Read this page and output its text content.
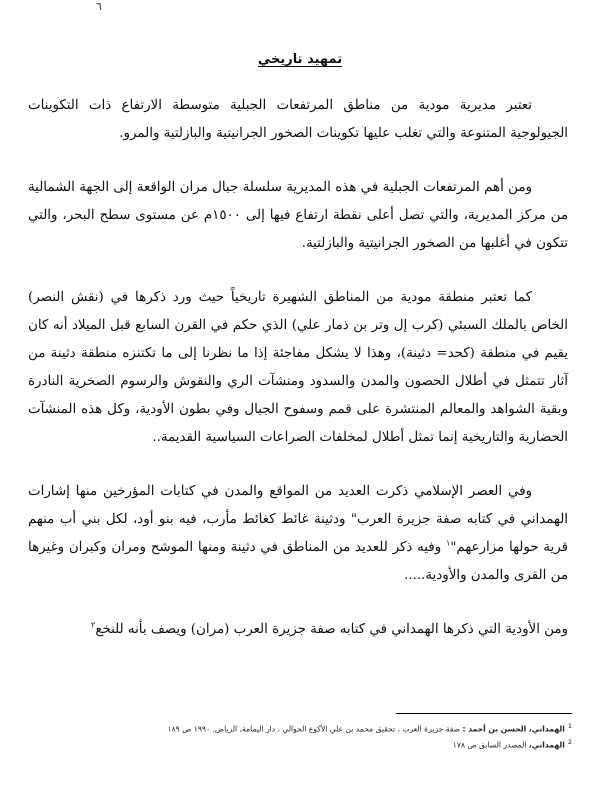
٦
تمهيد تاريخي

تعتبر مديرية مودية من مناطق المرتفعات الجبلية متوسطة الارتفاع ذات التكوينات الجيولوجية المتنوعة والتي تغلب عليها تكوينات الصخور الجرانيتية والبازلتية والمرو.

ومن أهم المرتفعات الجبلية في هذه المديرية سلسلة جبال مران الواقعة إلى الجهة الشمالية من مركز المديرية، والتي تصل أعلى نقطة ارتفاع فيها إلى ١٥٠٠م عن مستوى سطح البحر، والتي تتكون في أغلبها من الصخور الجرانيتية والبازلتية.

كما تعتبر منطقة مودية من المناطق الشهيرة تاريخياً حيث ورد ذكرها في (نقش النصر) الخاص بالملك السبئي (كرب إل وتر بن ذمار علي) الذي حكم في القرن السابع قبل الميلاد أنه كان يقيم في منطقة (كحد= دثينة)، وهذا لا يشكل مفاجئة إذا ما نظرنا إلى ما تكتنزه منطقة دثينة من آثار تتمثل في أطلال الحصون والمدن والسدود ومنشآت الري والنقوش والرسوم الصخرية النادرة وبقية الشواهد والمعالم المنتشرة على قمم وسفوح الجبال وفي بطون الأودية، وكل هذه المنشآت الحضارية والتاريخية إنما تمثل أطلال لمخلفات الصراعات السياسية القديمة..

وفي العصر الإسلامي ذكرت العديد من المواقع والمدن في كتابات المؤرخين منها إشارات الهمداني في كتابه صفة جزيرة العرب" ودثينة غائط كغائط مأرب، فيه بنو أود، لكل بني أب منهم قرية حولها مزارعهم"$^١$ وفيه ذكر للعديد من المناطق في دثينة ومنها الموشح ومران وكبران وغيرها من القرى والمدن والأودية.....

ومن الأودية التي ذكرها الهمداني في كتابه صفة جزيرة العرب (مران) ويصف بأنه للنخع$^٢$

1الهمداني، الحسن بن أحمد : صفة جزيرة العرب ، تحقيق محمد بن علي الأكوع الحوالي ، دار اليمامة، الرياض. ١٩٩٠ ص ١٨٩
2الهمداني، المصدر السابق ص ١٧٨
